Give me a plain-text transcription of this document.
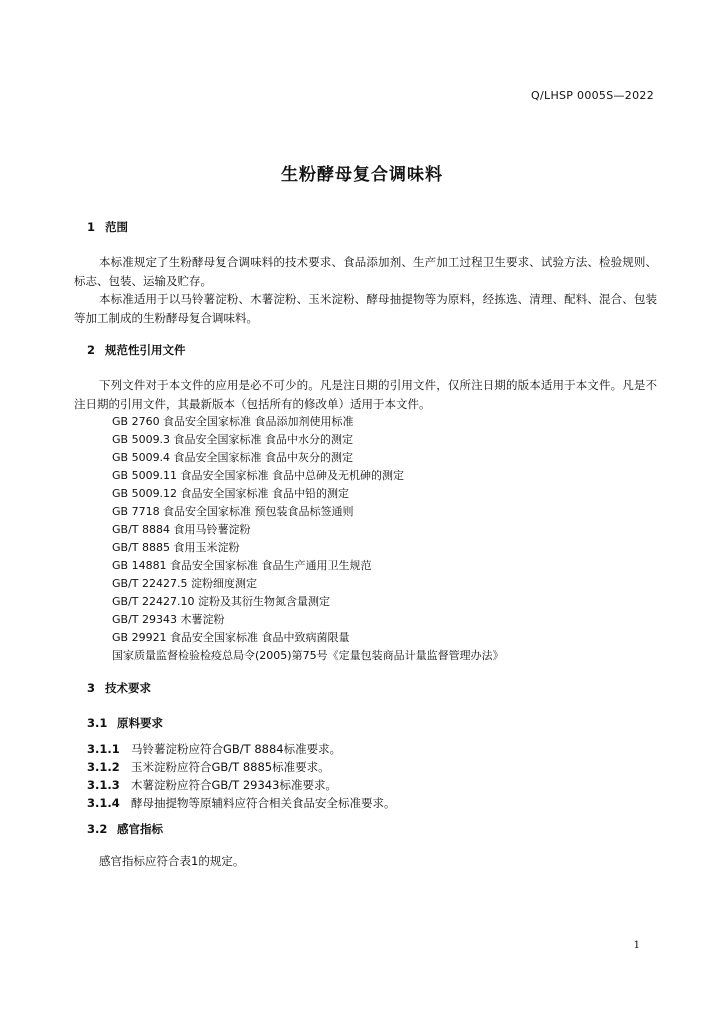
Q/LHSP 0005S—2022
生粉酵母复合调味料
1 范围
本标准规定了生粉酵母复合调味料的技术要求、食品添加剂、生产加工过程卫生要求、试验方法、检验规则、标志、包装、运输及贮存。
本标准适用于以马铃薯淀粉、木薯淀粉、玉米淀粉、酵母抽提物等为原料，经拣选、清理、配料、混合、包装等加工制成的生粉酵母复合调味料。
2 规范性引用文件
下列文件对于本文件的应用是必不可少的。凡是注日期的引用文件，仅所注日期的版本适用于本文件。凡是不注日期的引用文件，其最新版本（包括所有的修改单）适用于本文件。
GB 2760 食品安全国家标准 食品添加剂使用标准
GB 5009.3 食品安全国家标准 食品中水分的测定
GB 5009.4 食品安全国家标准 食品中灰分的测定
GB 5009.11 食品安全国家标准 食品中总砷及无机砷的测定
GB 5009.12 食品安全国家标准 食品中铅的测定
GB 7718 食品安全国家标准 预包装食品标签通则
GB/T 8884 食用马铃薯淀粉
GB/T 8885 食用玉米淀粉
GB 14881 食品安全国家标准 食品生产通用卫生规范
GB/T 22427.5 淀粉细度测定
GB/T 22427.10 淀粉及其衍生物氮含量测定
GB/T 29343 木薯淀粉
GB 29921 食品安全国家标准 食品中致病菌限量
国家质量监督检验检疫总局令(2005)第75号《定量包装商品计量监督管理办法》
3 技术要求
3.1 原料要求
3.1.1 马铃薯淀粉应符合GB/T 8884标准要求。
3.1.2 玉米淀粉应符合GB/T 8885标准要求。
3.1.3 木薯淀粉应符合GB/T 29343标准要求。
3.1.4 酵母抽提物等原辅料应符合相关食品安全标准要求。
3.2 感官指标
感官指标应符合表1的规定。
1
